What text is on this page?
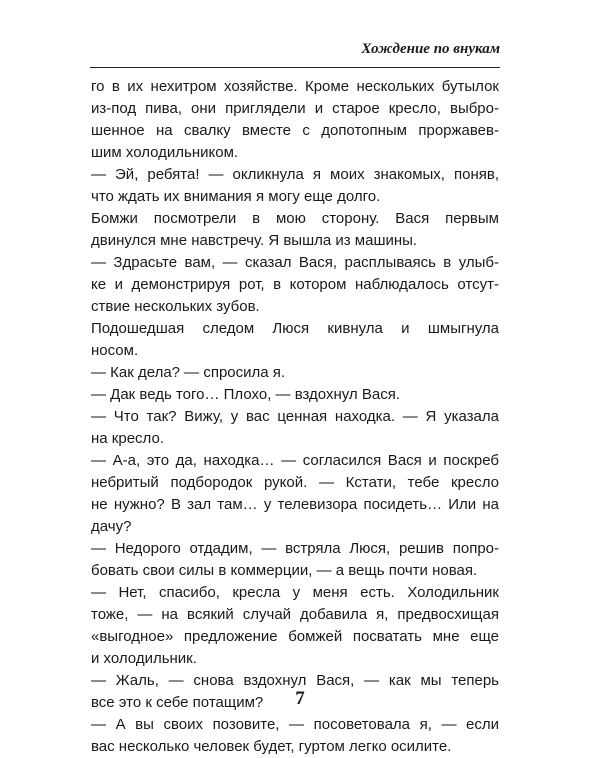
Хождение по внукам
го в их нехитром хозяйстве. Кроме нескольких бутылок
из-под пива, они приглядели и старое кресло, выбро-
шенное на свалку вместе с допотопным проржавев-
шим холодильником.
— Эй, ребята! — окликнула я моих знакомых, поняв,
что ждать их внимания я могу еще долго.
Бомжи посмотрели в мою сторону. Вася первым
двинулся мне навстречу. Я вышла из машины.
— Здрасьте вам, — сказал Вася, расплываясь в улыб-
ке и демонстрируя рот, в котором наблюдалось отсут-
ствие нескольких зубов.
Подошедшая следом Люся кивнула и шмыгнула
носом.
— Как дела? — спросила я.
— Дак ведь того… Плохо, — вздохнул Вася.
— Что так? Вижу, у вас ценная находка. — Я указала
на кресло.
— А-а, это да, находка… — согласился Вася и поскреб
небритый подбородок рукой. — Кстати, тебе кресло
не нужно? В зал там… у телевизора посидеть… Или на
дачу?
— Недорого отдадим, — встряла Люся, решив попро-
бовать свои силы в коммерции, — а вещь почти новая.
— Нет, спасибо, кресла у меня есть. Холодильник
тоже, — на всякий случай добавила я, предвосхищая
«выгодное» предложение бомжей посватать мне еще
и холодильник.
— Жаль, — снова вздохнул Вася, — как мы теперь
все это к себе потащим?
— А вы своих позовите, — посоветовала я, — если
вас несколько человек будет, гуртом легко осилите.
7
